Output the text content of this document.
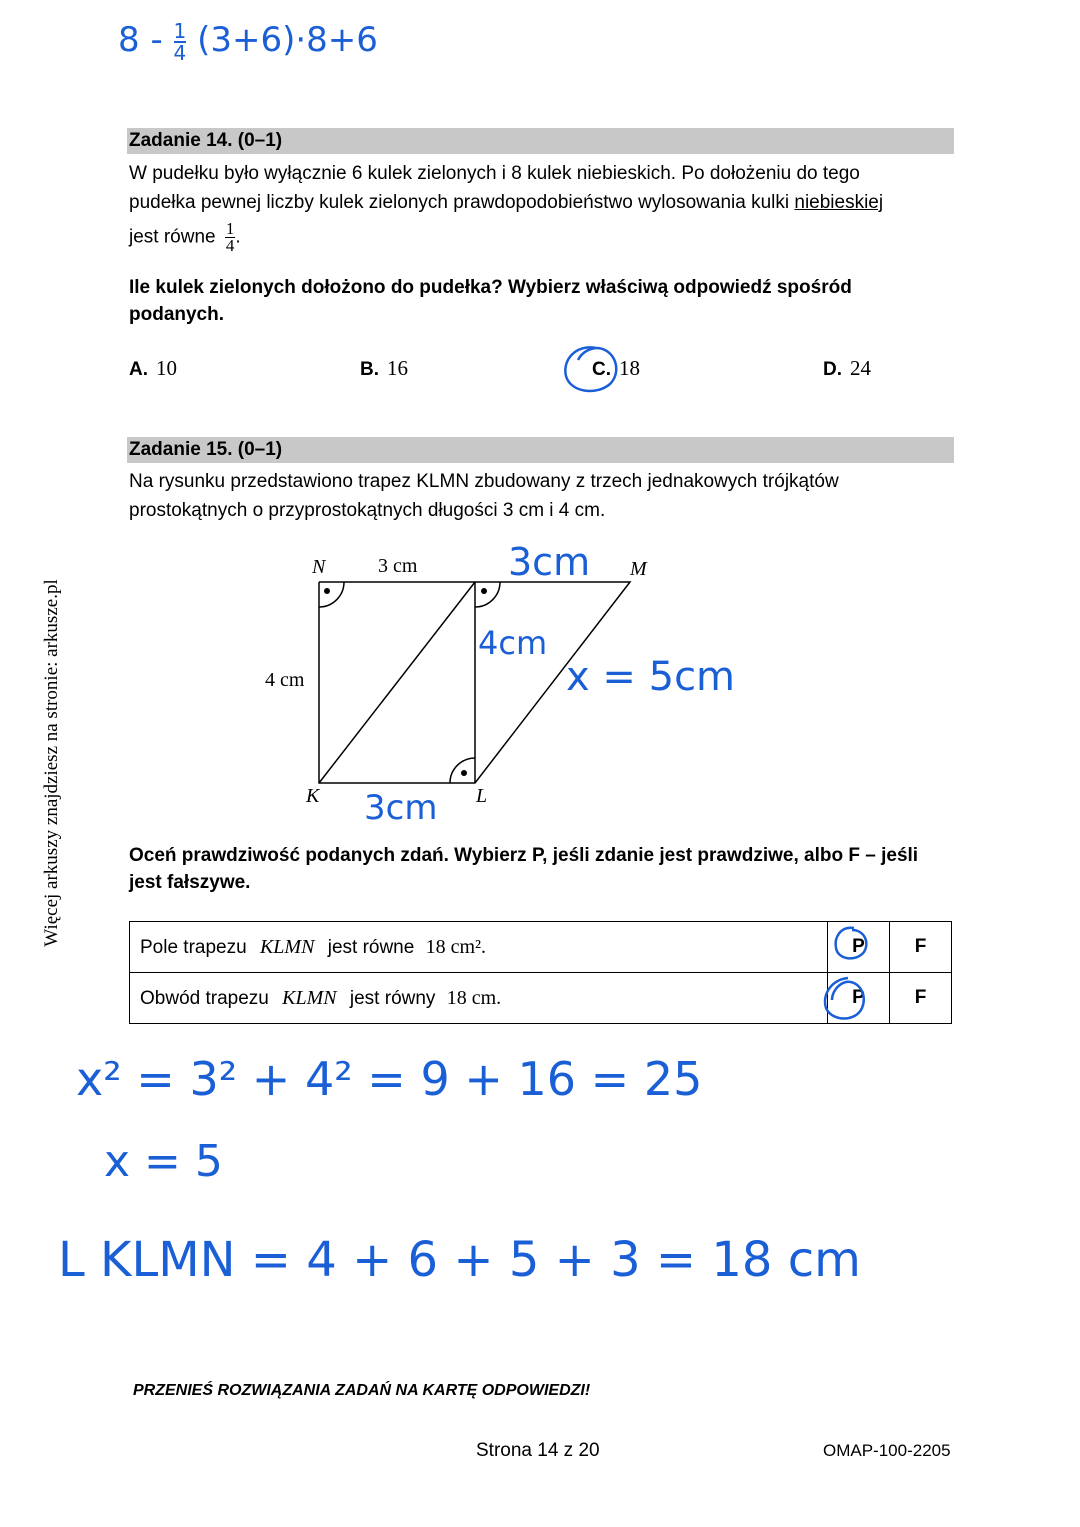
$8 - \frac{1}{4} (3+6)\cdot 8+6$
Zadanie 14. (0–1)
W pudełku było wyłącznie 6 kulek zielonych i 8 kulek niebieskich. Po dołożeniu do tego
pudełka pewnej liczby kulek zielonych prawdopodobieństwo wylosowania kulki niebieskiej
jest równe $\frac{1}{4}$ .
Ile kulek zielonych dołożono do pudełka? Wybierz właściwą odpowiedź spośród podanych.
A. 10	B. 16	C. 18	D. 24
Zadanie 15. (0–1)
Na rysunku przedstawiono trapez KLMN zbudowany z trzech jednakowych trójkątów
prostokątnych o przyprostokątnych długości 3 cm i 4 cm.
N	M
K	L
3 cm
4 cm
3cm
4cm
x = 5cm
3cm
Oceń prawdziwość podanych zdań. Wybierz P, jeśli zdanie jest prawdziwe, albo F – jeśli jest fałszywe.
Pole trapezu KLMN jest równe 18 cm².	P	F
Obwód trapezu KLMN jest równy 18 cm.	P	F
x² = 3² + 4² = 9 + 16 = 25
x = 5
L KLMN = 4 + 6 + 5 + 3 = 18 cm
Więcej arkuszy znajdziesz na stronie: arkusze.pl
PRZENIEŚ ROZWIĄZANIA ZADAŃ NA KARTĘ ODPOWIEDZI!
Strona 14 z 20	OMAP-100-2205
